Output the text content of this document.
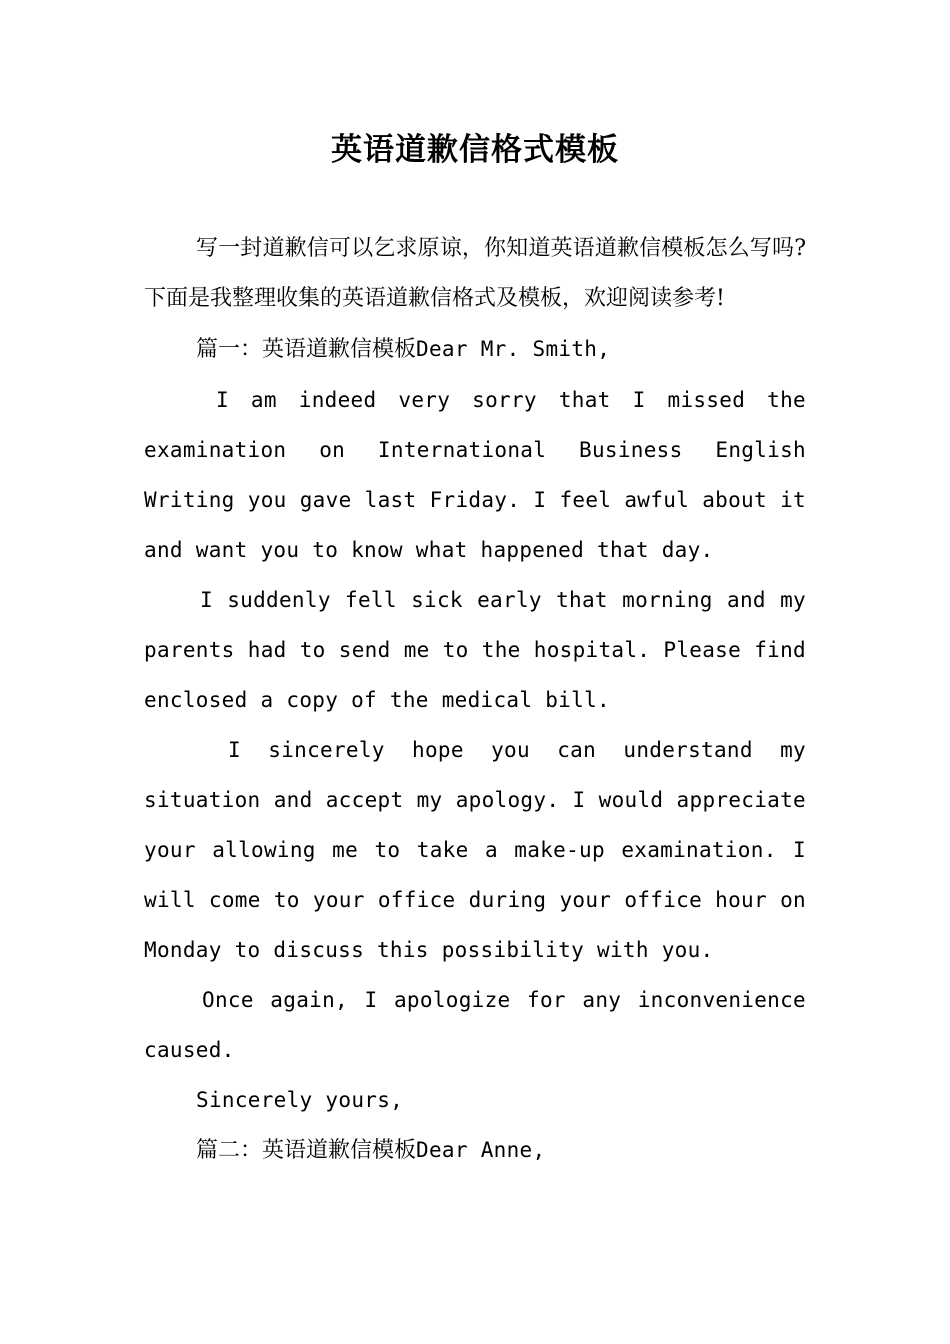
英语道歉信格式模板

写一封道歉信可以乞求原谅，你知道英语道歉信模板怎么写吗?下面是我整理收集的英语道歉信格式及模板，欢迎阅读参考!

篇一：英语道歉信模板Dear Mr. Smith,

I am indeed very sorry that I missed the examination on International Business English Writing you gave last Friday. I feel awful about it and want you to know what happened that day.

I suddenly fell sick early that morning and my parents had to send me to the hospital. Please find enclosed a copy of the medical bill.

I sincerely hope you can understand my situation and accept my apology. I would appreciate your allowing me to take a make-up examination. I will come to your office during your office hour on Monday to discuss this possibility with you.

Once again, I apologize for any inconvenience caused.

Sincerely yours,

篇二：英语道歉信模板Dear Anne,
